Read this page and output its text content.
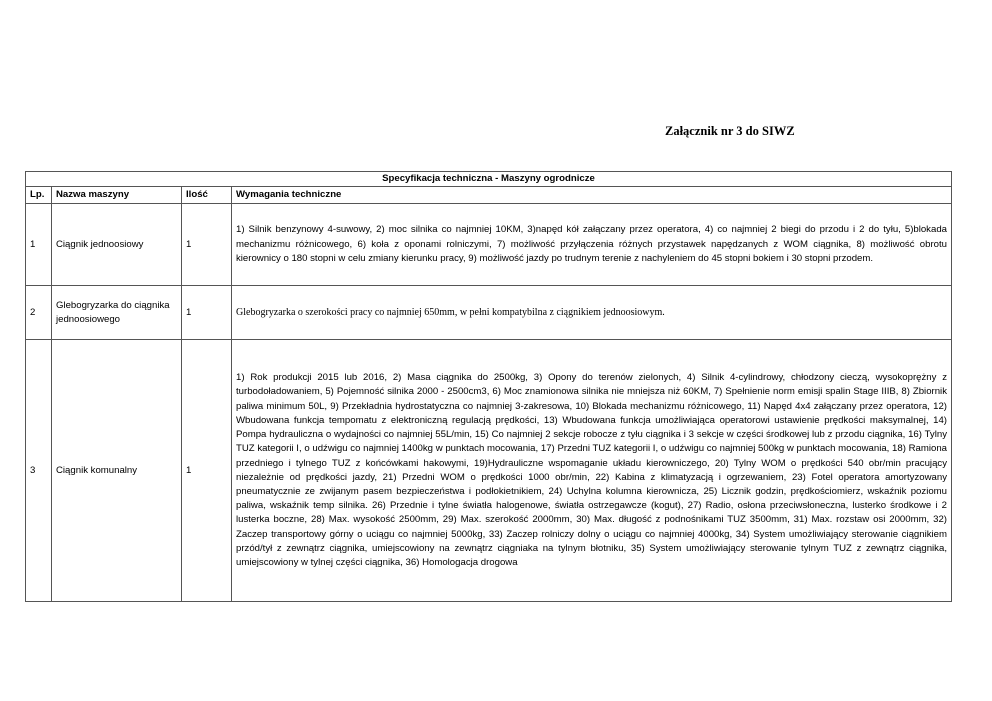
Załącznik nr 3 do SIWZ
Specyfikacja techniczna - Maszyny ogrodnicze			
Lp.	Nazwa maszyny	Ilość	Wymagania techniczne
1	Ciągnik jednoosiowy	1	1) Silnik benzynowy 4-suwowy, 2) moc silnika co najmniej 10KM, 3)napęd kół załączany przez operatora, 4) co najmniej 2 biegi do przodu i 2 do tyłu, 5)blokada mechanizmu różnicowego, 6) koła z oponami rolniczymi, 7) możliwość przyłączenia różnych przystawek napędzanych z WOM ciągnika, 8) możliwość obrotu kierownicy o 180 stopni w celu zmiany kierunku pracy, 9) możliwość jazdy po trudnym terenie z nachyleniem do 45 stopni bokiem i 30 stopni przodem.
2	Glebogryzarka do ciągnika jednoosiowego	1	Glebogryzarka o szerokości pracy co najmniej 650mm, w pełni kompatybilna z ciągnikiem jednoosiowym.
3	Ciągnik komunalny	1	1) Rok produkcji 2015 lub 2016, 2) Masa ciągnika do 2500kg, 3) Opony do terenów zielonych, 4) Silnik 4-cylindrowy, chłodzony cieczą, wysokoprężny z turbodoładowaniem, 5) Pojemność silnika 2000 - 2500cm3, 6) Moc znamionowa silnika nie mniejsza niż 60KM, 7) Spełnienie norm emisji spalin Stage IIIB, 8) Zbiornik paliwa minimum 50L, 9) Przekładnia hydrostatyczna co najmniej 3-zakresowa, 10) Blokada mechanizmu różnicowego, 11) Napęd 4x4 załączany przez operatora, 12) Wbudowana funkcja tempomatu z elektroniczną regulacją prędkości, 13) Wbudowana funkcja umożliwiająca operatorowi ustawienie prędkości maksymalnej, 14) Pompa hydrauliczna o wydajności co najmniej 55L/min, 15) Co najmniej 2 sekcje robocze z tyłu ciągnika i 3 sekcje w części środkowej lub z przodu ciągnika, 16) Tylny TUZ kategorii I, o udźwigu co najmniej 1400kg w punktach mocowania, 17) Przedni TUZ kategorii I, o udźwigu co najmniej 500kg w punktach mocowania, 18) Ramiona przedniego i tylnego TUZ z końcówkami hakowymi, 19)Hydrauliczne wspomaganie układu kierowniczego, 20) Tylny WOM o prędkości 540 obr/min pracujący niezależnie od prędkości jazdy, 21) Przedni WOM o prędkości 1000 obr/min, 22) Kabina z klimatyzacją i ogrzewaniem, 23) Fotel operatora amortyzowany pneumatycznie ze zwijanym pasem bezpieczeństwa i podłokietnikiem, 24) Uchylna kolumna kierownicza, 25) Licznik godzin, prędkościomierz, wskaźnik poziomu paliwa, wskaźnik temp silnika. 26) Przednie i tylne światła halogenowe, światła ostrzegawcze (kogut), 27) Radio, osłona przeciwsłoneczna, lusterko środkowe i 2 lusterka boczne, 28) Max. wysokość 2500mm, 29) Max. szerokość 2000mm, 30) Max. długość z podnośnikami TUZ 3500mm, 31) Max. rozstaw osi 2000mm, 32) Zaczep transportowy górny o uciągu co najmniej 5000kg, 33) Zaczep rolniczy dolny o uciągu co najmniej 4000kg, 34) System umożliwiający sterowanie ciągnikiem przód/tył z zewnątrz ciągnika, umiejscowiony na zewnątrz ciągniaka na tylnym błotniku, 35) System umożliwiający sterowanie tylnym TUZ z zewnątrz ciągnika, umiejscowiony w tylnej części ciągnika, 36) Homologacja drogowa
